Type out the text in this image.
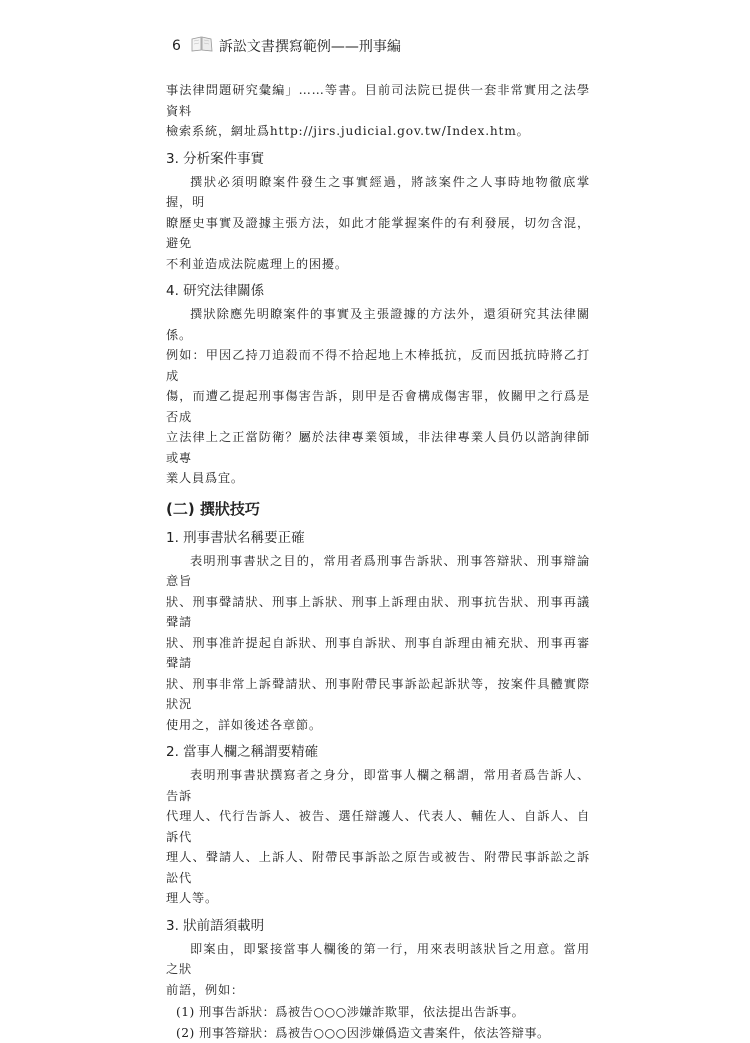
6	訴訟文書撰寫範例——刑事編

事法律問題研究彙編」……等書。目前司法院已提供一套非常實用之法學資料
檢索系統，網址爲http://jirs.judicial.gov.tw/Index.htm。

3. 分析案件事實

撰狀必須明瞭案件發生之事實經過，將該案件之人事時地物徹底掌握，明
瞭歷史事實及證據主張方法，如此才能掌握案件的有利發展，切勿含混，避免
不利並造成法院處理上的困擾。

4. 研究法律關係

撰狀除應先明瞭案件的事實及主張證據的方法外，還須研究其法律關係。
例如：甲因乙持刀追殺而不得不拾起地上木棒抵抗，反而因抵抗時將乙打成
傷，而遭乙提起刑事傷害告訴，則甲是否會構成傷害罪，攸關甲之行爲是否成
立法律上之正當防衛？屬於法律專業領域，非法律專業人員仍以諮詢律師或專
業人員爲宜。

(二) 撰狀技巧
1. 刑事書狀名稱要正確

表明刑事書狀之目的，常用者爲刑事告訴狀、刑事答辯狀、刑事辯論意旨
狀、刑事聲請狀、刑事上訴狀、刑事上訴理由狀、刑事抗告狀、刑事再議聲請
狀、刑事准許提起自訴狀、刑事自訴狀、刑事自訴理由補充狀、刑事再審聲請
狀、刑事非常上訴聲請狀、刑事附帶民事訴訟起訴狀等，按案件具體實際狀況
使用之，詳如後述各章節。

2. 當事人欄之稱謂要精確

表明刑事書狀撰寫者之身分，即當事人欄之稱謂，常用者爲告訴人、告訴
代理人、代行告訴人、被告、選任辯護人、代表人、輔佐人、自訴人、自訴代
理人、聲請人、上訴人、附帶民事訴訟之原告或被告、附帶民事訴訟之訴訟代
理人等。

3. 狀前語須載明

即案由，即緊接當事人欄後的第一行，用來表明該狀旨之用意。當用之狀
前語，例如：

(1) 刑事告訴狀：爲被告○○○涉嫌詐欺罪，依法提出告訴事。

(2) 刑事答辯狀：爲被告○○○因涉嫌僞造文書案件，依法答辯事。
